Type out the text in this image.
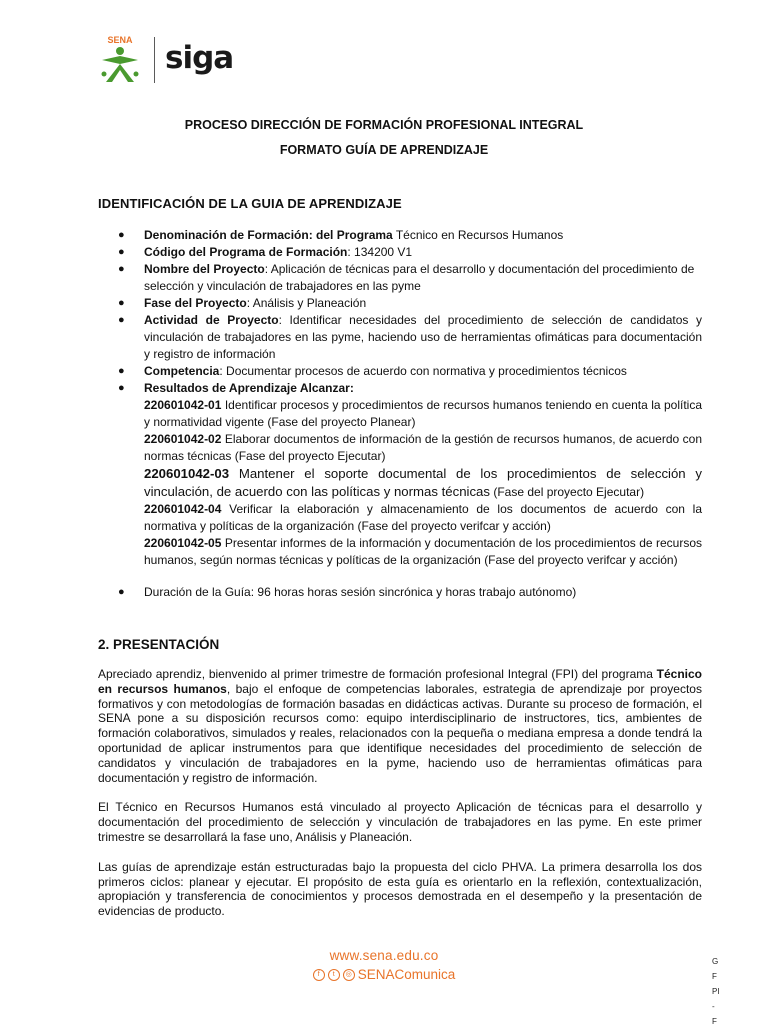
SENA siga
PROCESO DIRECCIÓN DE FORMACIÓN PROFESIONAL INTEGRAL
FORMATO GUÍA DE APRENDIZAJE
IDENTIFICACIÓN DE LA GUIA DE APRENDIZAJE
● Denominación de Formación: del Programa Técnico en Recursos Humanos
● Código del Programa de Formación: 134200 V1
● Nombre del Proyecto: Aplicación de técnicas para el desarrollo y documentación del procedimiento de selección y vinculación de trabajadores en las pyme
● Fase del Proyecto: Análisis y Planeación
● Actividad de Proyecto: Identificar necesidades del procedimiento de selección de candidatos y vinculación de trabajadores en las pyme, haciendo uso de herramientas ofimáticas para documentación y registro de información
● Competencia: Documentar procesos de acuerdo con normativa y procedimientos técnicos
● Resultados de Aprendizaje Alcanzar:
220601042-01 Identificar procesos y procedimientos de recursos humanos teniendo en cuenta la política y normatividad vigente (Fase del proyecto Planear)
220601042-02 Elaborar documentos de información de la gestión de recursos humanos, de acuerdo con normas técnicas (Fase del proyecto Ejecutar)
220601042-03 Mantener el soporte documental de los procedimientos de selección y vinculación, de acuerdo con las políticas y normas técnicas (Fase del proyecto Ejecutar)
220601042-04 Verificar la elaboración y almacenamiento de los documentos de acuerdo con la normativa y políticas de la organización (Fase del proyecto verifcar y acción)
220601042-05 Presentar informes de la información y documentación de los procedimientos de recursos humanos, según normas técnicas y políticas de la organización (Fase del proyecto verifcar y acción)
● Duración de la Guía: 96 horas horas sesión sincrónica y horas trabajo autónomo)
2. PRESENTACIÓN

Apreciado aprendiz, bienvenido al primer trimestre de formación profesional Integral (FPI) del programa Técnico en recursos humanos, bajo el enfoque de competencias laborales, estrategia de aprendizaje por proyectos formativos y con metodologías de formación basadas en didácticas activas. Durante su proceso de formación, el SENA pone a su disposición recursos como: equipo interdisciplinario de instructores, tics, ambientes de formación colaborativos, simulados y reales, relacionados con la pequeña o mediana empresa a donde tendrá la oportunidad de aplicar instrumentos para que identifique necesidades del procedimiento de selección de candidatos y vinculación de trabajadores en la pyme, haciendo uso de herramientas ofimáticas para documentación y registro de información.

El Técnico en Recursos Humanos está vinculado al proyecto Aplicación de técnicas para el desarrollo y documentación del procedimiento de selección y vinculación de trabajadores en las pyme. En este primer trimestre se desarrollará la fase uno, Análisis y Planeación.

Las guías de aprendizaje están estructuradas bajo la propuesta del ciclo PHVA. La primera desarrolla los dos primeros ciclos: planear y ejecutar. El propósito de esta guía es orientarlo en la reflexión, contextualización, apropiación y transferencia de conocimientos y procesos demostrada en el desempeño y la presentación de evidencias de producto.

www.sena.edu.co
f	t	◎ SENAComunica
G
F
PI
-
F
